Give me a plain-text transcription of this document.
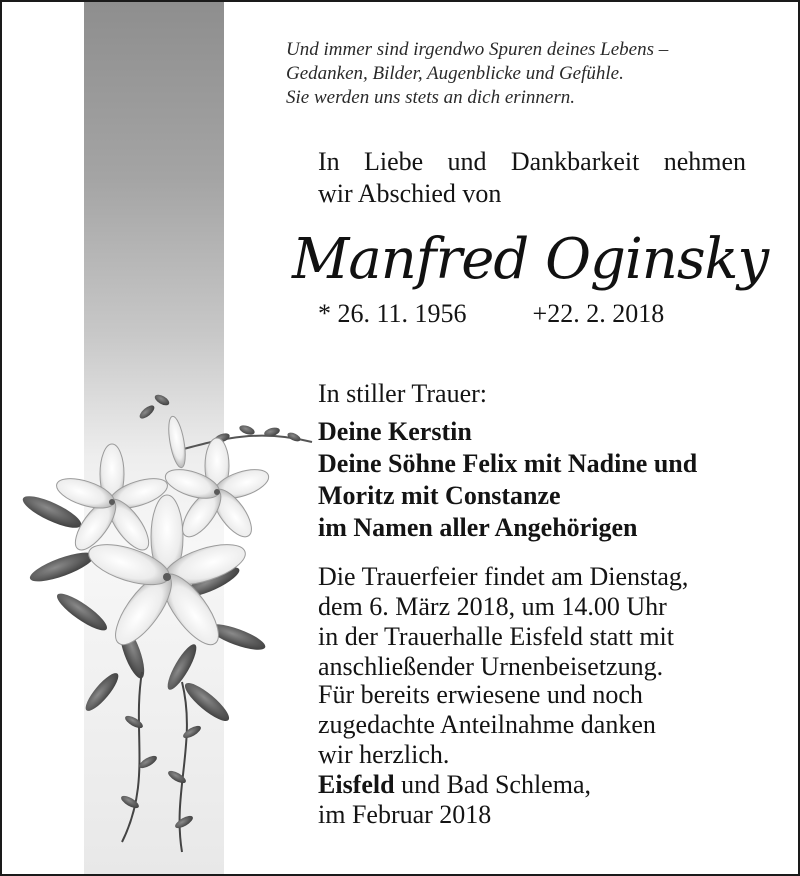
Und immer sind irgendwo Spuren deines Lebens –
Gedanken, Bilder, Augenblicke und Gefühle.
Sie werden uns stets an dich erinnern.
In Liebe und Dankbarkeit nehmen
wir Abschied von
Manfred Oginsky
* 26. 11. 1956	+22. 2. 2018
In stiller Trauer:
Deine Kerstin
Deine Söhne Felix mit Nadine und
Moritz mit Constanze
im Namen aller Angehörigen
Die Trauerfeier findet am Dienstag,
dem 6. März 2018, um 14.00 Uhr
in der Trauerhalle Eisfeld statt mit
anschließender Urnenbeisetzung.
Für bereits erwiesene und noch
zugedachte Anteilnahme danken
wir herzlich.
Eisfeld und Bad Schlema,
im Februar 2018
